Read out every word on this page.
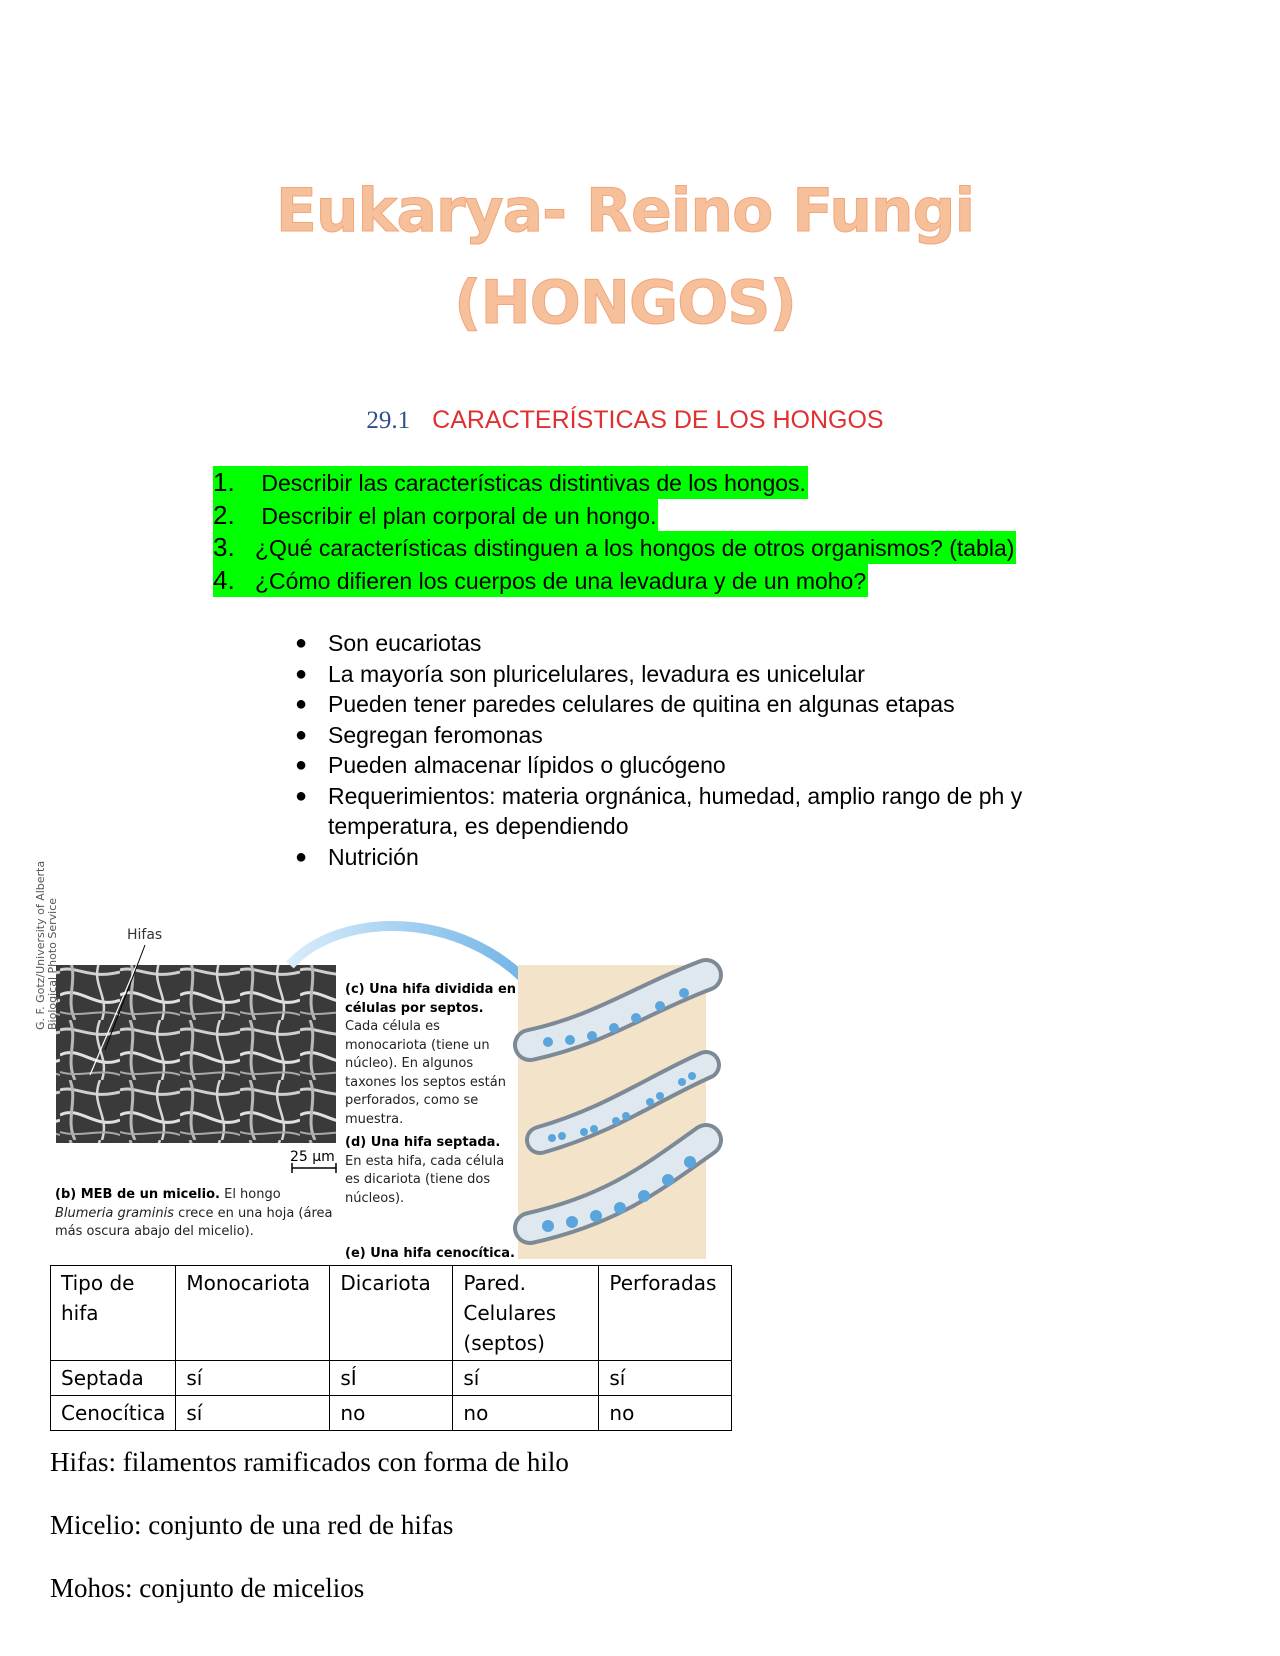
Eukarya- Reino Fungi
(HONGOS)
29.1 CARACTERÍSTICAS DE LOS HONGOS
1. Describir las características distintivas de los hongos.
2. Describir el plan corporal de un hongo.
3. ¿Qué características distinguen a los hongos de otros organismos? (tabla)
4. ¿Cómo difieren los cuerpos de una levadura y de un moho?
● Son eucariotas
● La mayoría son pluricelulares, levadura es unicelular
● Pueden tener paredes celulares de quitina en algunas etapas
● Segregan feromonas
● Pueden almacenar lípidos o glucógeno
● Requerimientos: materia orgnánica, humedad, amplio rango de ph y temperatura, es dependiendo
● Nutrición
Hifas
G. F. Gotz/University of Alberta Biological Photo Service
25 µm
(b) MEB de un micelio. El hongo Blumeria graminis crece en una hoja (área más oscura abajo del micelio).
(c) Una hifa dividida en células por septos. Cada célula es monocariota (tiene un núcleo). En algunos taxones los septos están perforados, como se muestra.
(d) Una hifa septada. En esta hifa, cada célula es dicariota (tiene dos núcleos).
(e) Una hifa cenocítica.
Tipo de hifa	Monocariota	Dicariota	Pared. Celulares (septos)	Perforadas
Septada	sí	sÍ	sí	sí
Cenocítica	sí	no	no	no
Hifas: filamentos ramificados con forma de hilo
Micelio: conjunto de una red de hifas
Mohos: conjunto de micelios
